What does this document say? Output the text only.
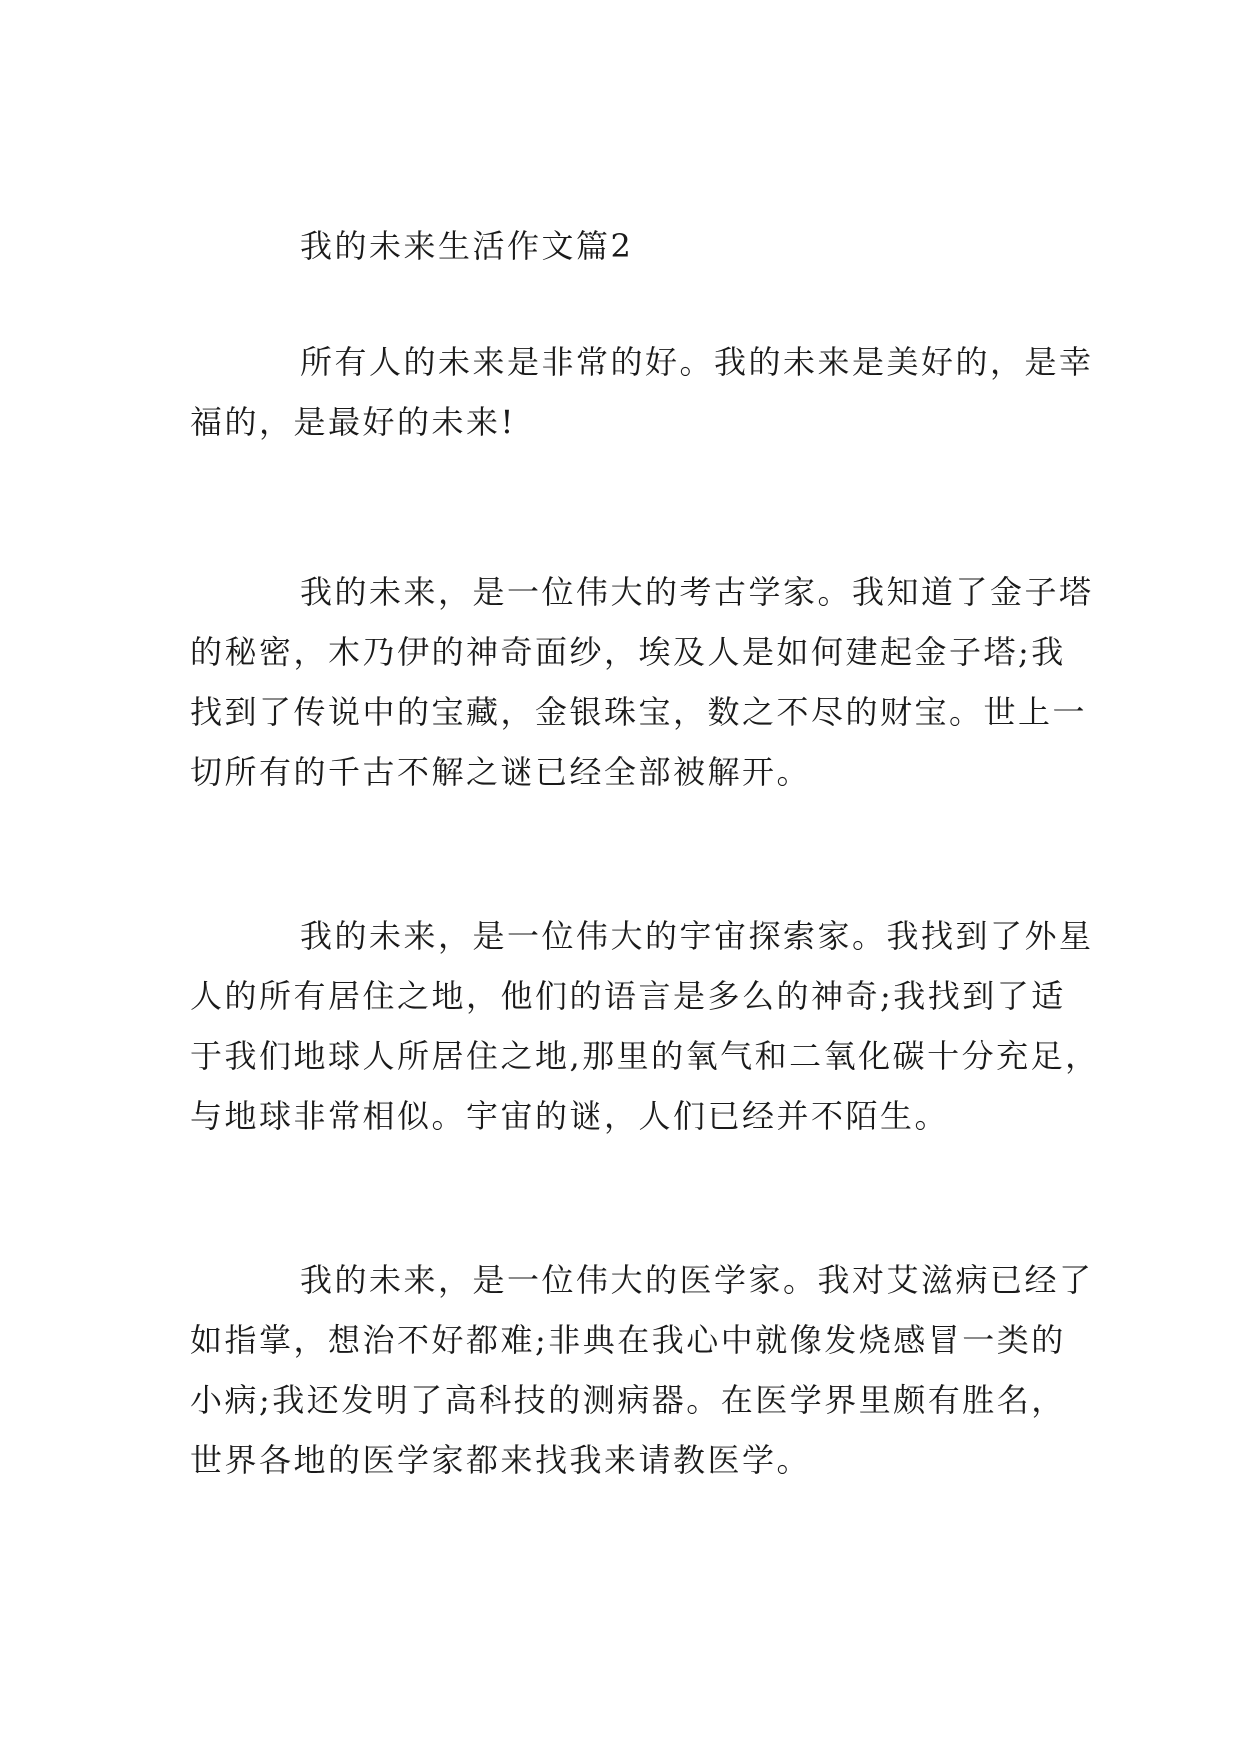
我的未来生活作文篇2
所有人的未来是非常的好。我的未来是美好的，是幸
福的，是最好的未来!
我的未来，是一位伟大的考古学家。我知道了金子塔
的秘密，木乃伊的神奇面纱，埃及人是如何建起金子塔;我
找到了传说中的宝藏，金银珠宝，数之不尽的财宝。世上一
切所有的千古不解之谜已经全部被解开。
我的未来，是一位伟大的宇宙探索家。我找到了外星
人的所有居住之地，他们的语言是多么的神奇;我找到了适
于我们地球人所居住之地,那里的氧气和二氧化碳十分充足，
与地球非常相似。宇宙的谜，人们已经并不陌生。
我的未来，是一位伟大的医学家。我对艾滋病已经了
如指掌，想治不好都难;非典在我心中就像发烧感冒一类的
小病;我还发明了高科技的测病器。在医学界里颇有胜名，
世界各地的医学家都来找我来请教医学。
